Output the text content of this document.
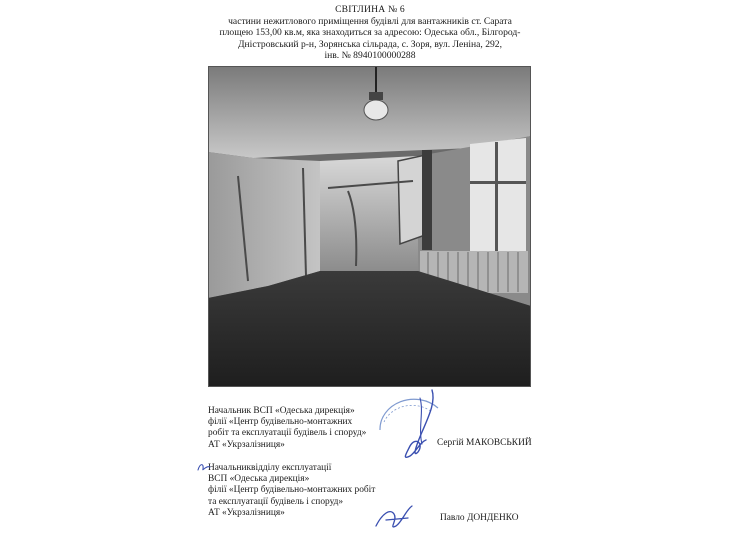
СВІТЛИНА № 6
частини нежитлового приміщення будівлі для вантажників ст. Сарата
площею 153,00 кв.м, яка знаходиться за адресою: Одеська обл., Білгород-
Дністровський р-н, Зорянська сільрада, с. Зоря, вул. Леніна, 292,
інв. № 8940100000288
Начальник ВСП «Одеська дирекція»
філії «Центр будівельно-монтажних
робіт та експлуатації будівель і споруд»
АТ «Укрзалізниця»	Сергій МАКОВСЬКИЙ
Начальниквідділу експлуатації
ВСП «Одеська дирекція»
філії «Центр будівельно-монтажних робіт
та експлуатації будівель і споруд»
АТ «Укрзалізниця»
Павло ДОНДЕНКО
